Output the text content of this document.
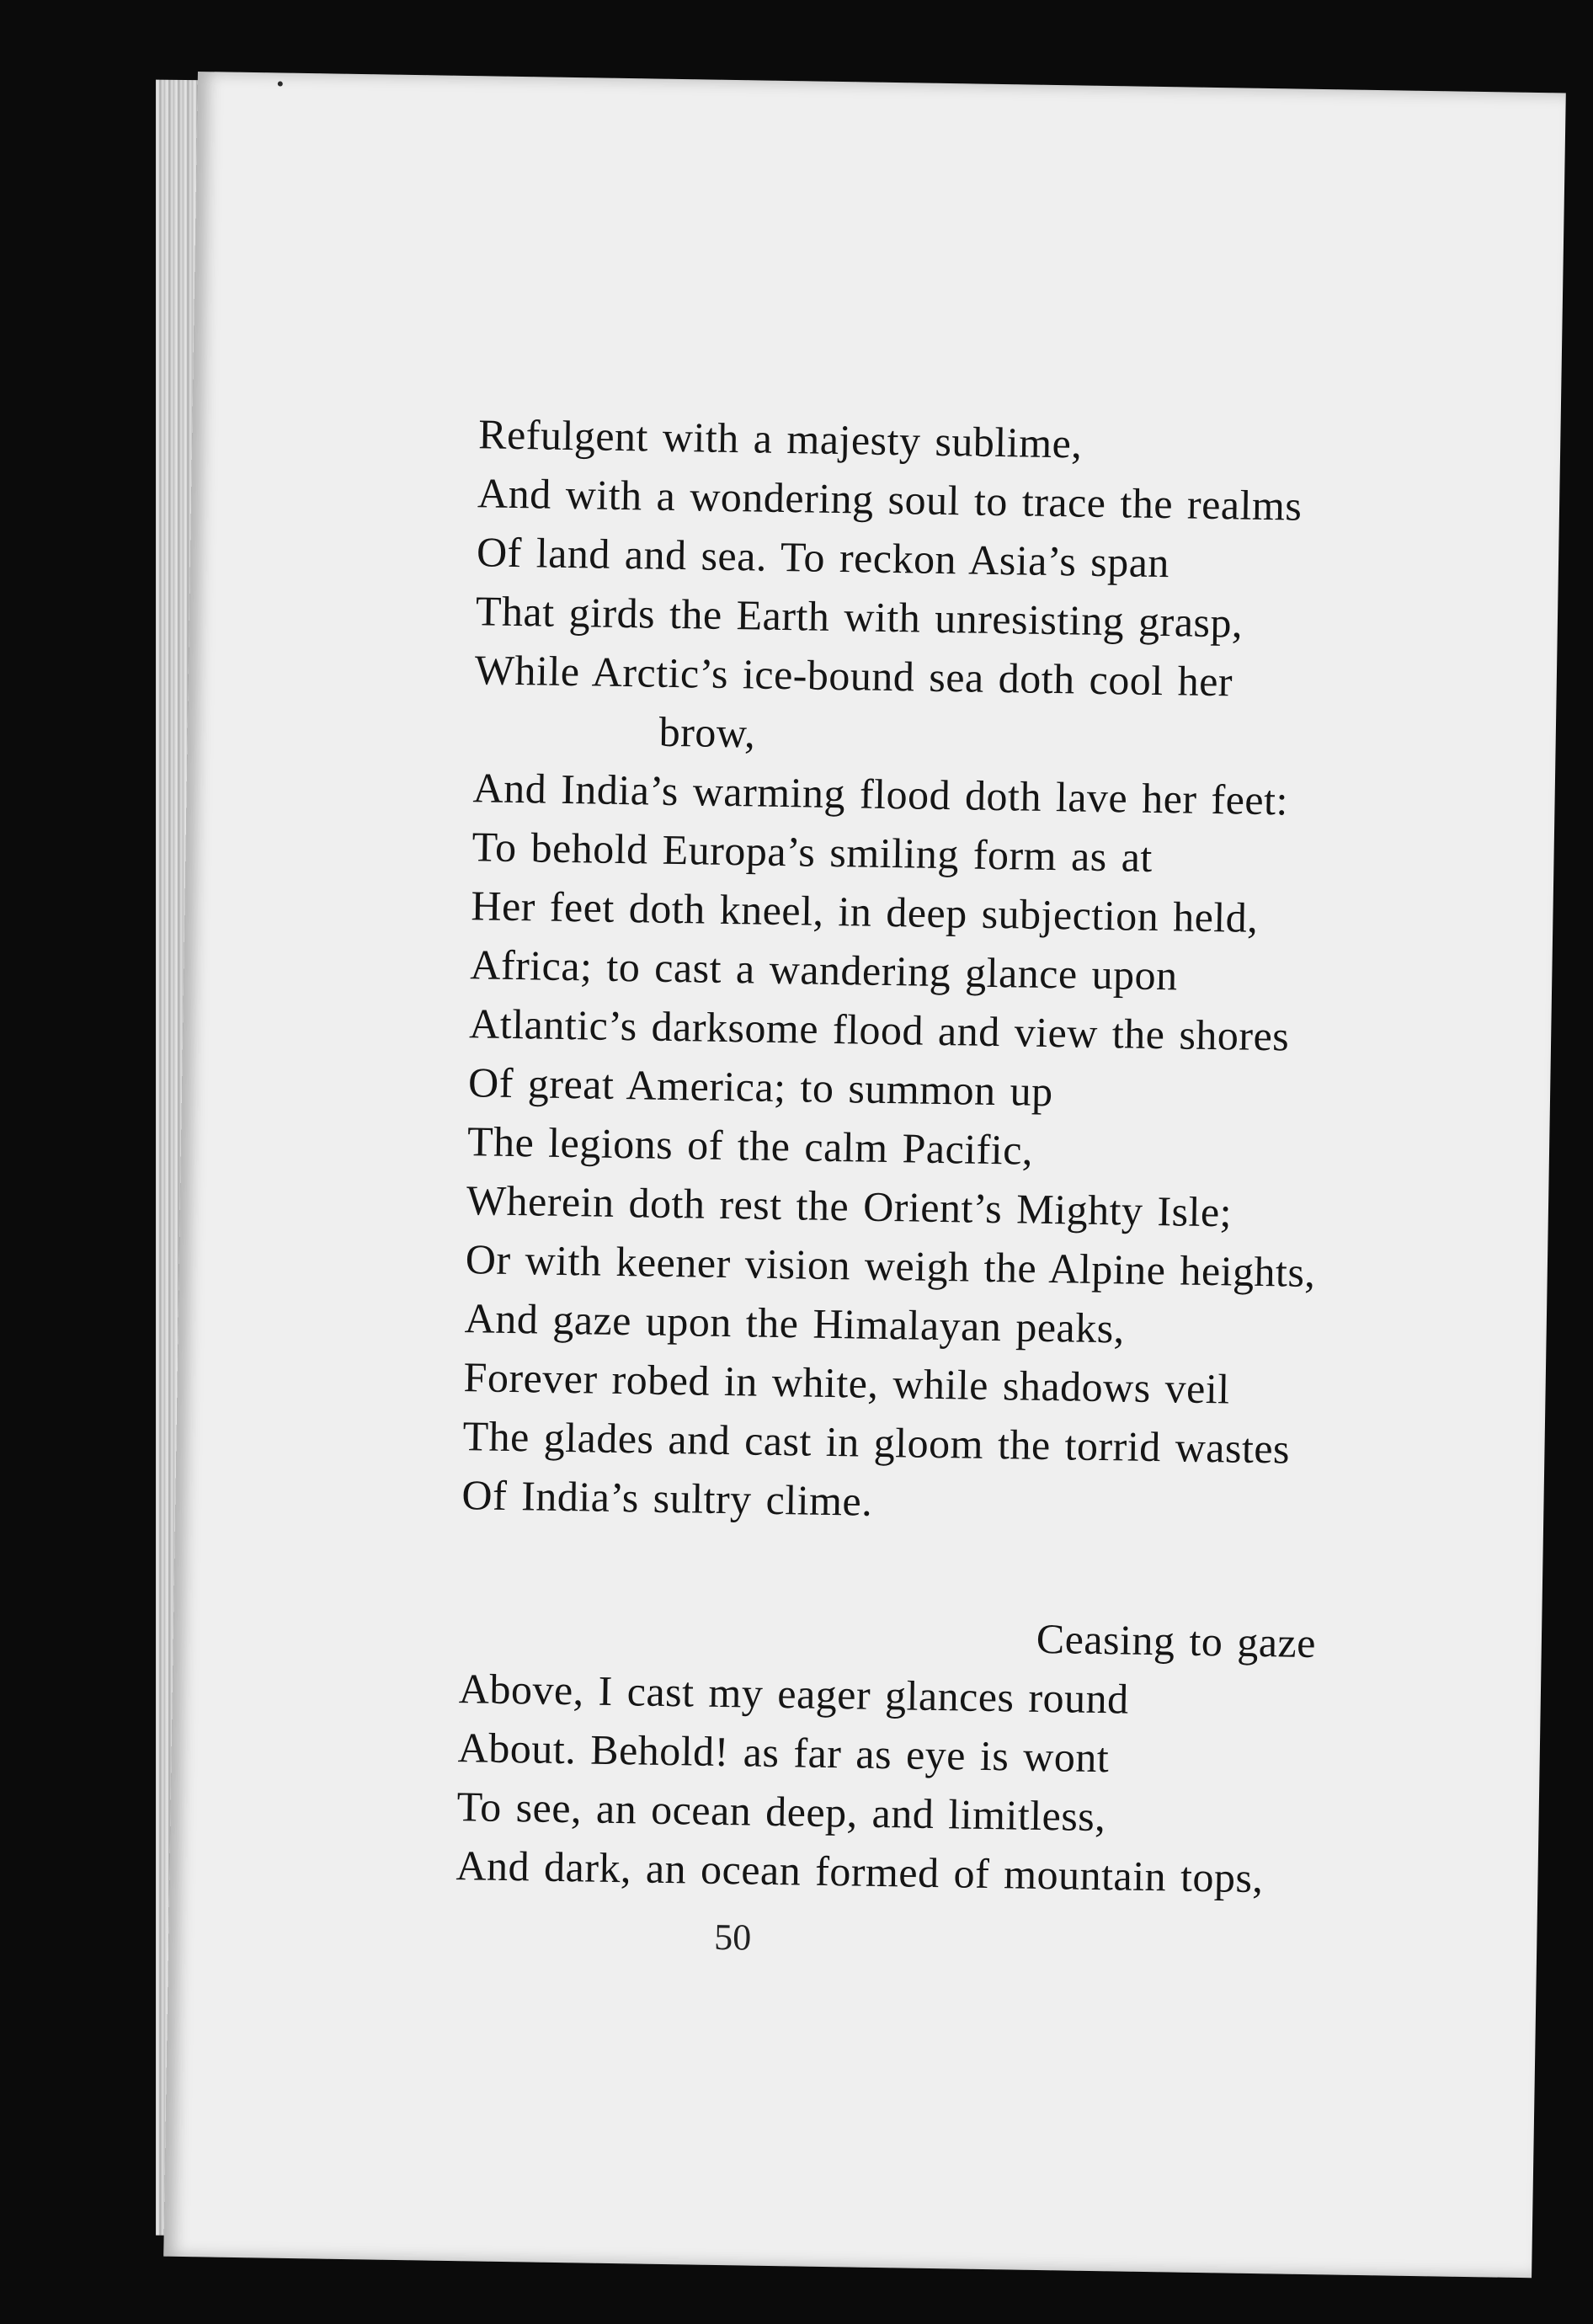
Refulgent with a majesty sublime,
And with a wondering soul to trace the realms
Of land and sea. To reckon Asia’s span
That girds the Earth with unresisting grasp,
While Arctic’s ice-bound sea doth cool her
brow,
And India’s warming flood doth lave her feet:
To behold Europa’s smiling form as at
Her feet doth kneel, in deep subjection held,
Africa; to cast a wandering glance upon
Atlantic’s darksome flood and view the shores
Of great America; to summon up
The legions of the calm Pacific,
Wherein doth rest the Orient’s Mighty Isle;
Or with keener vision weigh the Alpine heights,
And gaze upon the Himalayan peaks,
Forever robed in white, while shadows veil
The glades and cast in gloom the torrid wastes
Of India’s sultry clime.
Ceasing to gaze
Above, I cast my eager glances round
About. Behold! as far as eye is wont
To see, an ocean deep, and limitless,
And dark, an ocean formed of mountain tops,
50
